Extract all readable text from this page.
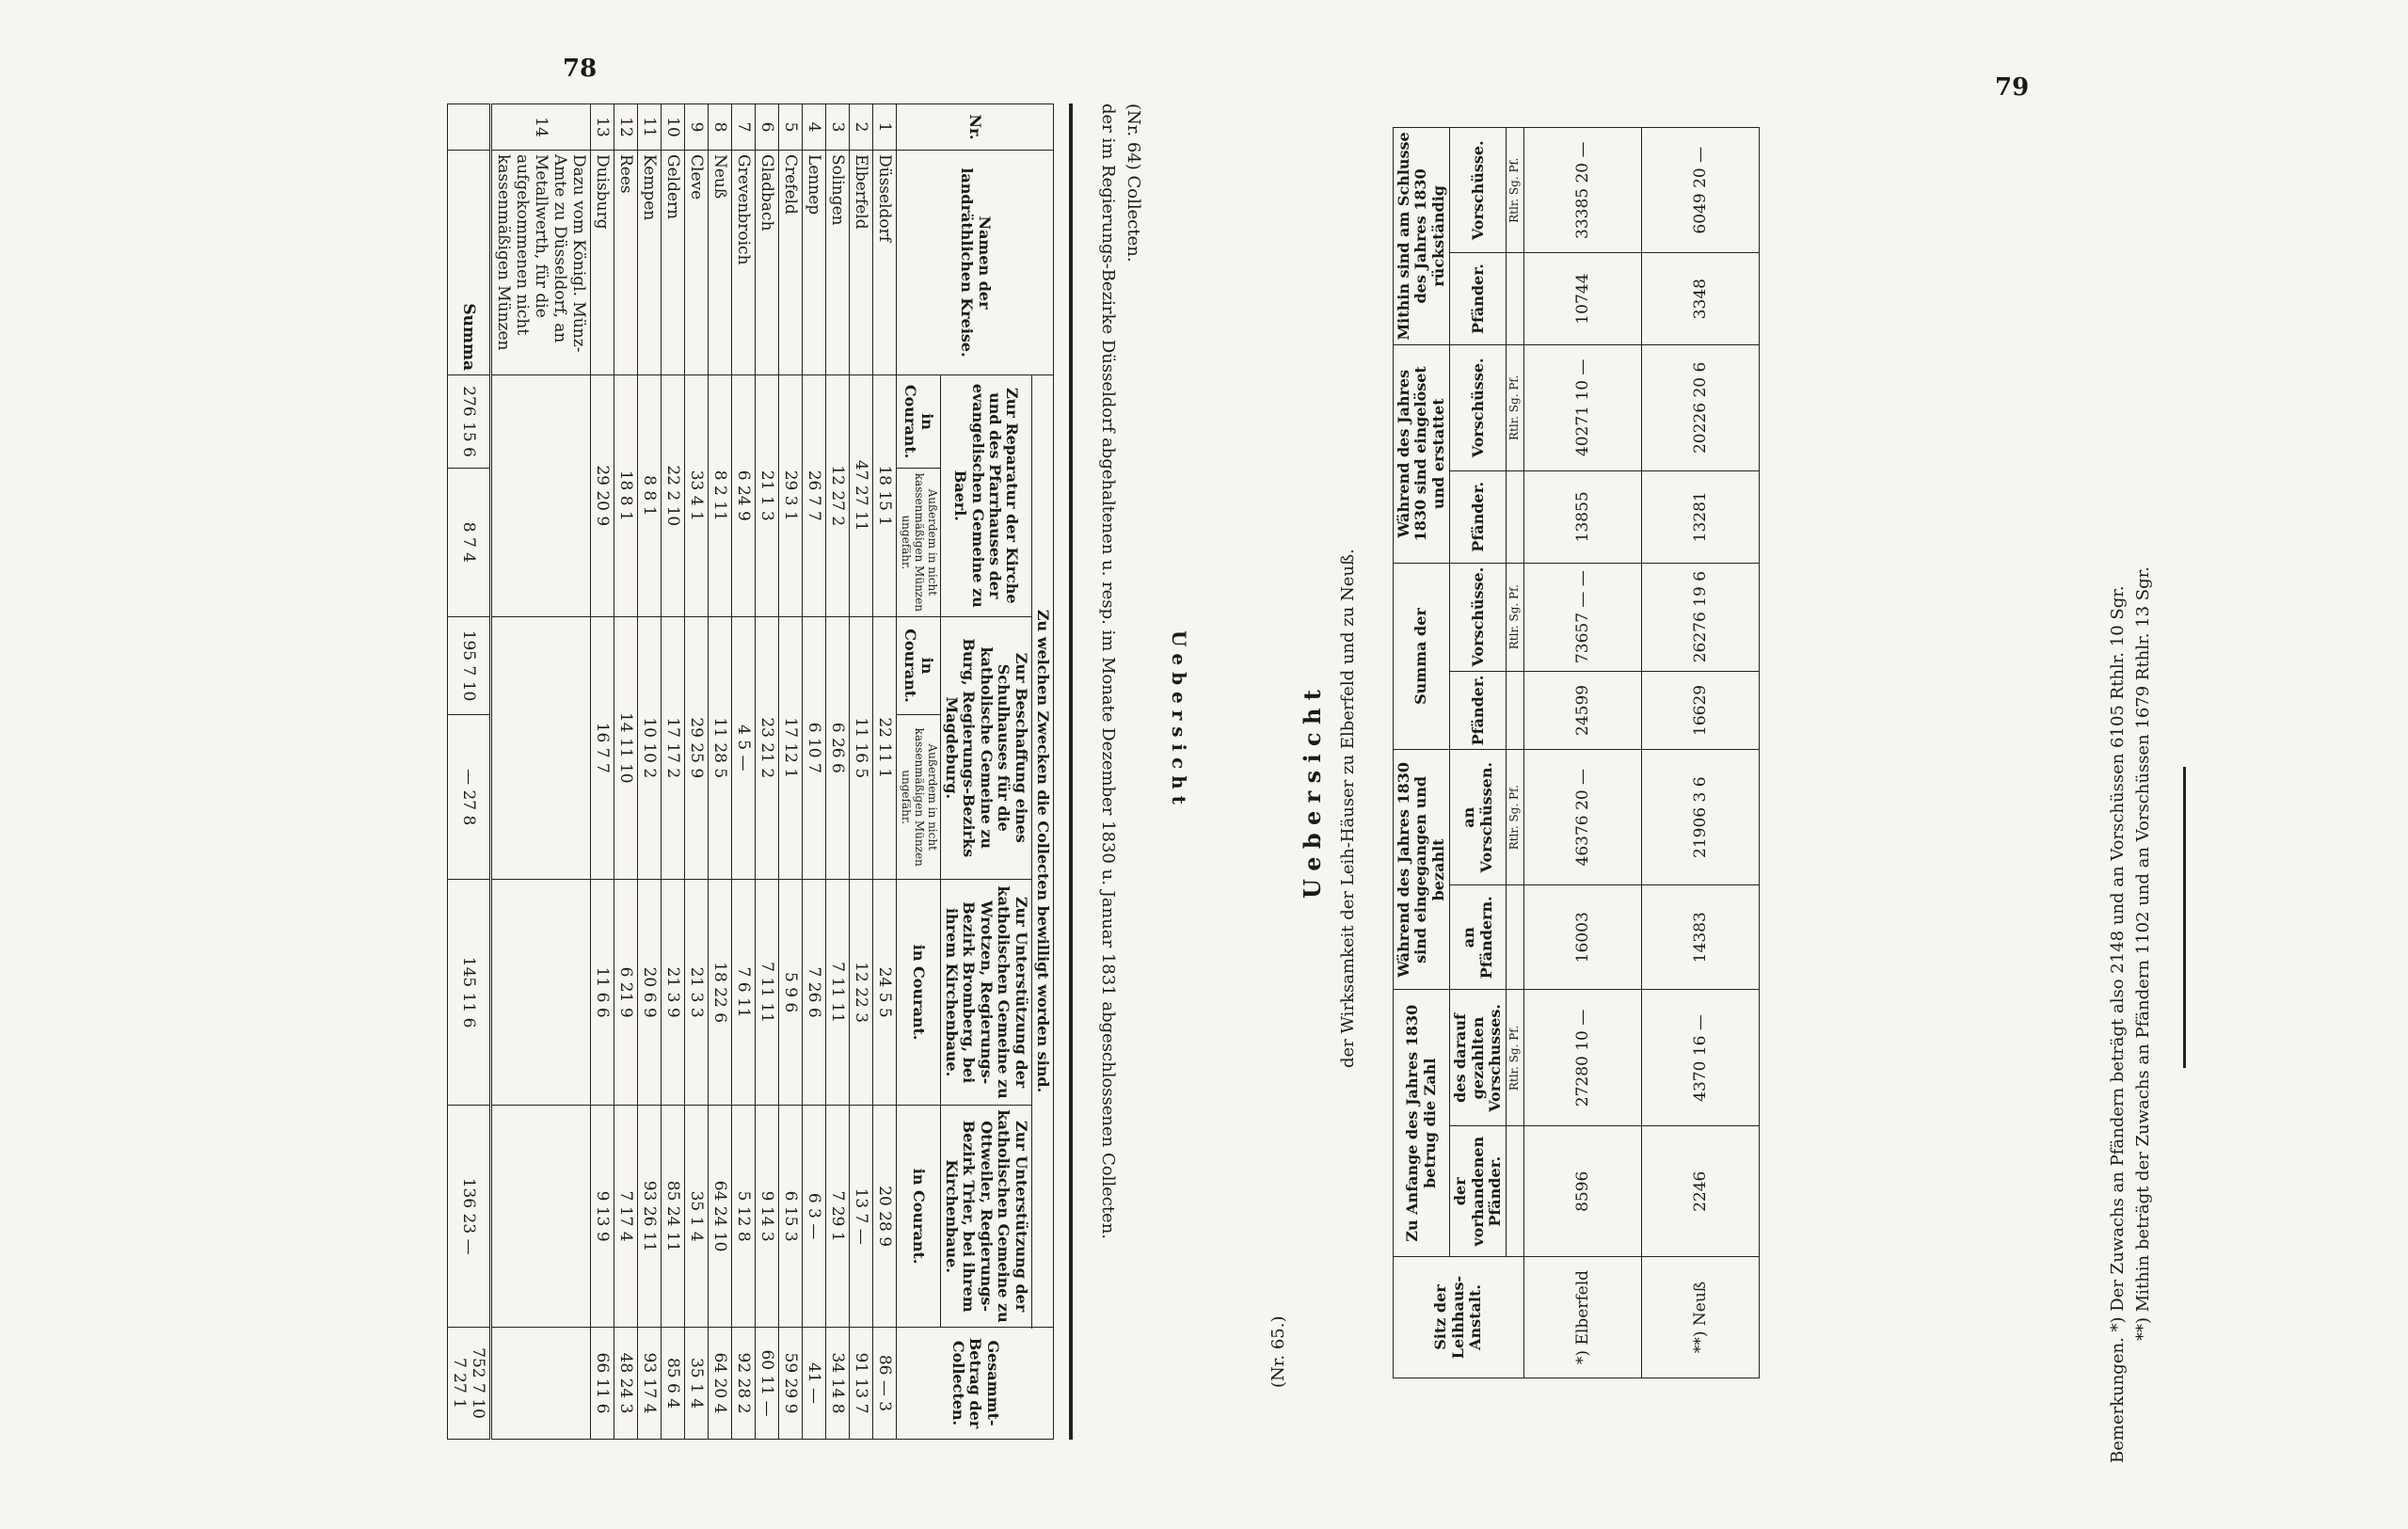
78
(Nr. 64) Collecten.
der im Regierungs-Bezirke Düsseldorf abgehaltenen u. resp. im Monate Dezember 1830 u. Januar 1831 abgeschlossenen Collecten.	U e b e r s i c h t
Nr.	Namen der landräthlichen Kreise.	Zu welchen Zwecken die Collecten bewilligt worden sind.						Gesammt-Betrag der Collecten.
		Zur Reparatur der Kirche und des Pfarrhauses der evangelischen Gemeine zu Baerl.		Zur Beschaffung eines Schulhauses für die katholische Gemeine zu Burg, Regierungs-Bezirks Magdeburg.		Zur Unterstützung der katholischen Gemeine zu Wrotzen, Regierungs-Bezirk Bromberg, bei ihrem Kirchenbaue.	Zur Unterstützung der katholischen Gemeine zu Ottweiler, Regierungs-Bezirk Trier, bei ihrem Kirchenbaue.	
		in Courant.	Außerdem in nicht kassenmäßigen Münzen ungefähr.	in Courant.	Außerdem in nicht kassenmäßigen Münzen ungefähr.	in Courant.	in Courant.	
1	Düsseldorf	18 15 1		22 11 1		24 5 5	20 28 9	86 — 3
2	Elberfeld	47 27 11		11 16 5		12 22 3	13 7 —	91 13 7
3	Solingen	12 27 2		6 26 6		7 11 11	7 29 1	34 14 8
4	Lennep	26 7 7		6 10 7		7 26 6	6 3 —	41 —
5	Crefeld	29 3 1		17 12 1		5 9 6	6 15 3	59 29 9
6	Gladbach	21 1 3		23 21 2		7 11 11	9 14 3	60 11 —
7	Grevenbroich	6 24 9		4 5 —		7 6 11	5 12 8	92 28 2
8	Neuß	8 2 11		11 28 5		18 22 6	64 24 10	64 20 4
9	Cleve	33 4 1		29 25 9		21 3 3	35 1 4	35 1 4
10	Geldern	22 2 10		17 17 2		21 3 9	85 24 11	85 6 4
11	Kempen	8 8 1		10 10 2		20 6 9	93 26 11	93 17 4
12	Rees	18 8 1		14 11 10		6 21 9	7 17 4	48 24 3
13	Duisburg	29 20 9		16 7 7		11 6 6	9 13 9	66 11 6
14	Dazu vom Königl. Münz-Amte zu Düsseldorf, an Metallwerth, für die aufgekommenen nicht kassenmäßigen Münzen							
	Summa	276 15 6	8 7 4	195 7 10	— 27 8	145 11 6	136 23 —	752 7 10
7 27 1
79
(Nr. 65.)
U e b e r s i c h t der Wirksamkeit der Leih-Häuser zu Elberfeld und zu Neuß.
Sitz der Leihhaus-Anstalt.	Zu Anfange des Jahres 1830 betrug die Zahl		Während des Jahres 1830 sind eingegangen und bezahlt		Summa der		Während des Jahres 1830 sind eingelöset und erstattet		Mithin sind am Schlusse des Jahres 1830 rückständig	
	der vorhandenen Pfänder.	des darauf gezahlten Vorschusses.	an Pfändern.	an Vorschüssen.	Pfänder.	Vorschüsse.	Pfänder.	Vorschüsse.	Pfänder.	Vorschüsse.
		Rtlr. Sg. Pf.		Rtlr. Sg. Pf.		Rtlr. Sg. Pf.		Rtlr. Sg. Pf.		Rtlr. Sg. Pf.
*) Elberfeld	8596	27280 10 —	16003	46376 20 —	24599	73657 — —	13855	40271 10 —	10744	33385 20 —
**) Neuß	2246	4370 16 —	14383	21906 3 6	16629	26276 19 6	13281	20226 20 6	3348	6049 20 —
Bemerkungen. *) Der Zuwachs an Pfändern beträgt also 2148 und an Vorschüssen 6105 Rthlr. 10 Sgr. **) Mithin beträgt der Zuwachs an Pfändern 1102 und an Vorschüssen 1679 Rthlr. 13 Sgr.
